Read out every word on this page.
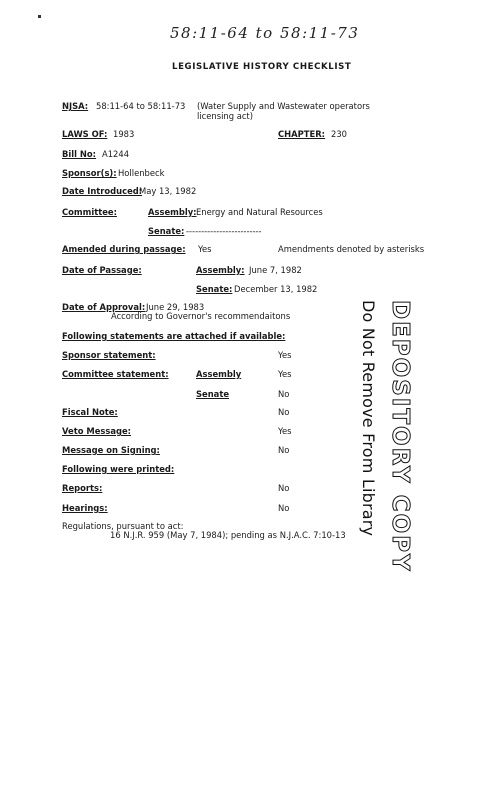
58:11-64 to 58:11-73
LEGISLATIVE HISTORY CHECKLIST
NJSA: 58:11-64 to 58:11-73 (Water Supply and Wastewater operators
licensing act)
LAWS OF: 1983	CHAPTER: 230
Bill No: A1244
Sponsor(s): Hollenbeck
Date Introduced:
May 13, 1982
Committee:	Assembly: Energy and Natural Resources
Senate: -------------------------
Amended during passage: Yes	Amendments denoted by asterisks
Date of Passage:	Assembly: June 7, 1982
Senate: December 13, 1982
Date of Approval: June 29, 1983
According to Governor's recommendaitons
Following statements are attached if available:
Sponsor statement:	Yes
Committee statement:	Assembly	Yes
Senate	No
Fiscal Note:	No
Veto Message:	Yes
Message on Signing:	No
Following were printed:
Reports:	No
Hearings:	No
Regulations, pursuant to act:
16 N.J.R. 959 (May 7, 1984); pending as N.J.A.C. 7:10-13 DEPOSITORY COPY
Do Not Remove From Library
